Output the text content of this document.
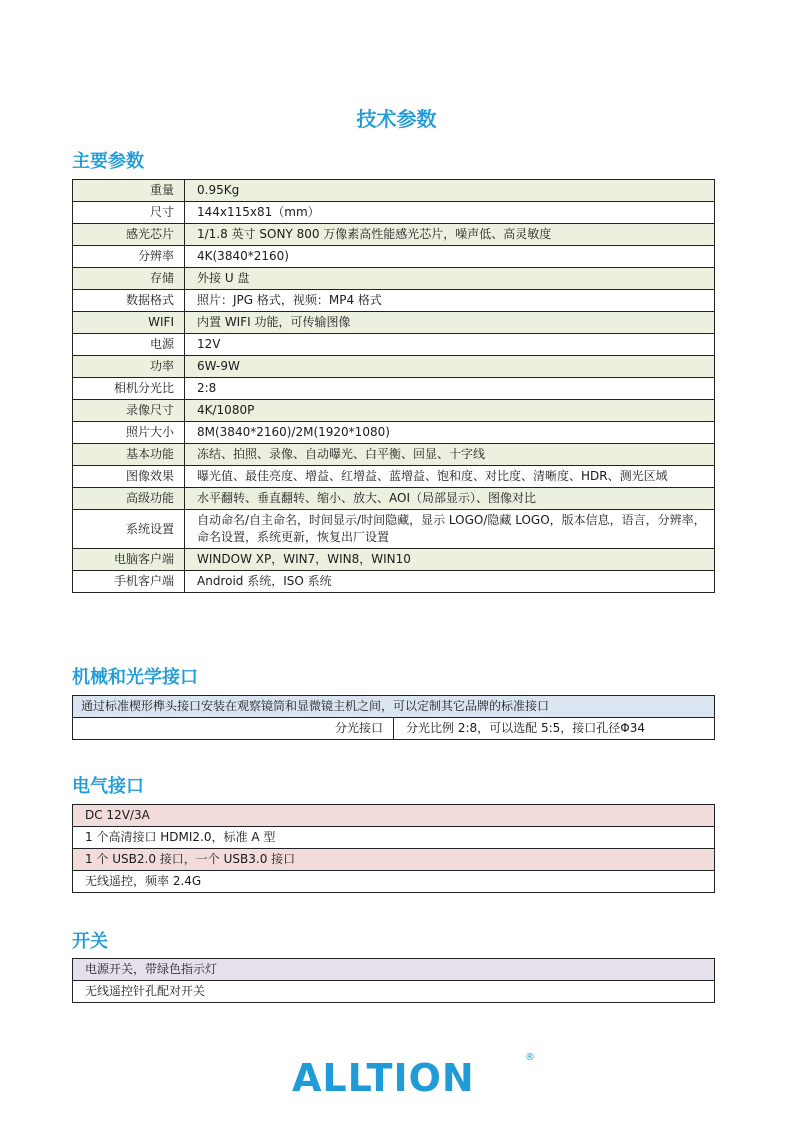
技术参数
主要参数
重量	0.95Kg
尺寸	144x115x81（mm）
感光芯片	1/1.8 英寸 SONY 800 万像素高性能感光芯片，噪声低、高灵敏度
分辨率	4K(3840*2160)
存储	外接 U 盘
数据格式	照片：JPG 格式，视频：MP4 格式
WIFI	内置 WIFI 功能，可传输图像
电源	12V
功率	6W-9W
相机分光比	2:8
录像尺寸	4K/1080P
照片大小	8M(3840*2160)/2M(1920*1080)
基本功能	冻结、拍照、录像、自动曝光、白平衡、回显、十字线
图像效果	曝光值、最佳亮度、增益、红增益、蓝增益、饱和度、对比度、清晰度、HDR、测光区域
高级功能	水平翻转、垂直翻转、缩小、放大、AOI（局部显示）、图像对比
系统设置	自动命名/自主命名，时间显示/时间隐藏，显示 LOGO/隐藏 LOGO，版本信息，语言，分辨率，命名设置，系统更新，恢复出厂设置
电脑客户端	WINDOW XP，WIN7，WIN8，WIN10
手机客户端	Android 系统，ISO 系统
机械和光学接口
通过标准楔形榫头接口安装在观察镜筒和显微镜主机之间，可以定制其它品牌的标准接口
分光接口	分光比例 2:8，可以选配 5:5，接口孔径Φ34
电气接口
DC 12V/3A
1 个高清接口 HDMI2.0，标准 A 型
1 个 USB2.0 接口，一个 USB3.0 接口
无线遥控，频率 2.4G
开关
电源开关，带绿色指示灯
无线遥控针孔配对开关
ALLTION	®
